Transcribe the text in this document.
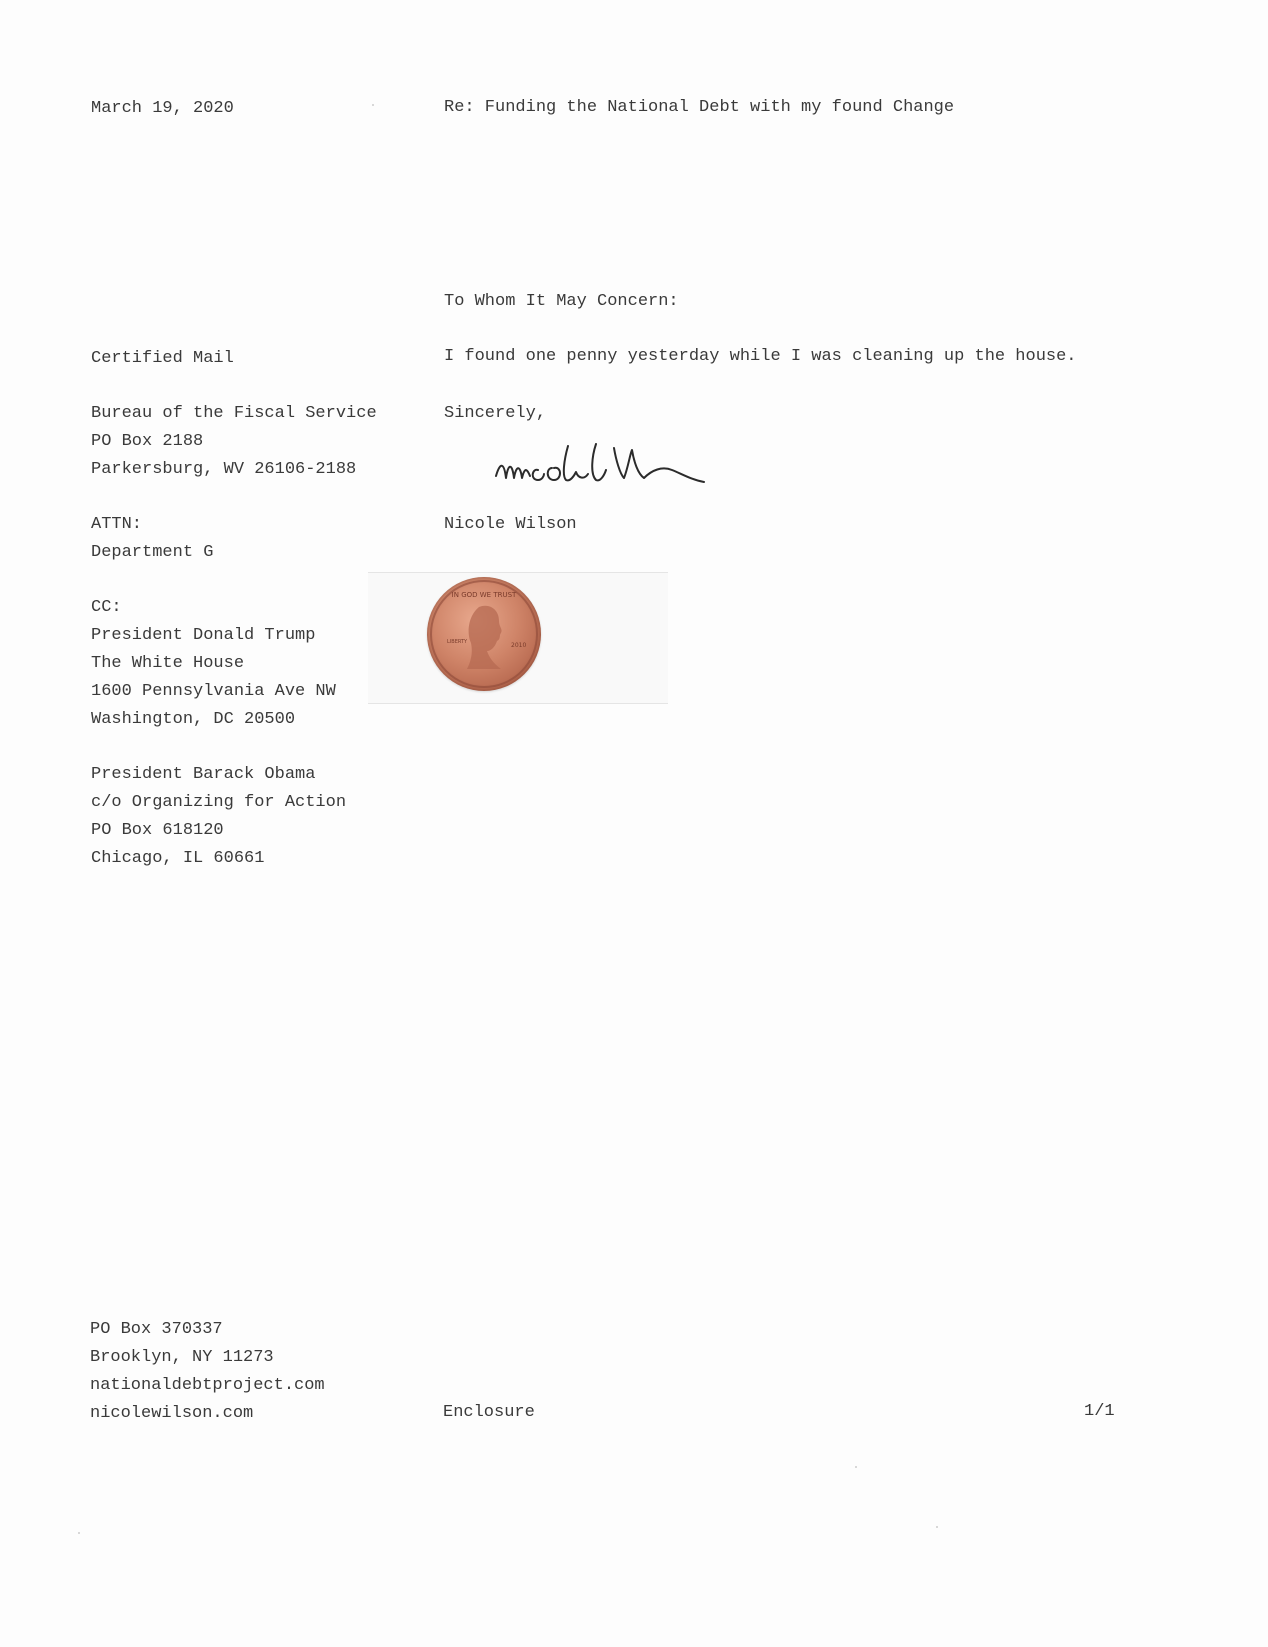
March 19, 2020	Re: Funding the National Debt with my found Change
To Whom It May Concern:
I found one penny yesterday while I was cleaning up the house.
Sincerely,
Nicole Wilson
IN GOD WE TRUST
LIBERTY	2010
Certified Mail
Bureau of the Fiscal Service
PO Box 2188
Parkersburg, WV 26106-2188
ATTN:
Department G
CC:
President Donald Trump
The White House
1600 Pennsylvania Ave NW
Washington, DC 20500
President Barack Obama
c/o Organizing for Action
PO Box 618120
Chicago, IL 60661
PO Box 370337
Brooklyn, NY 11273
nationaldebtproject.com
nicolewilson.com	Enclosure	1/1
